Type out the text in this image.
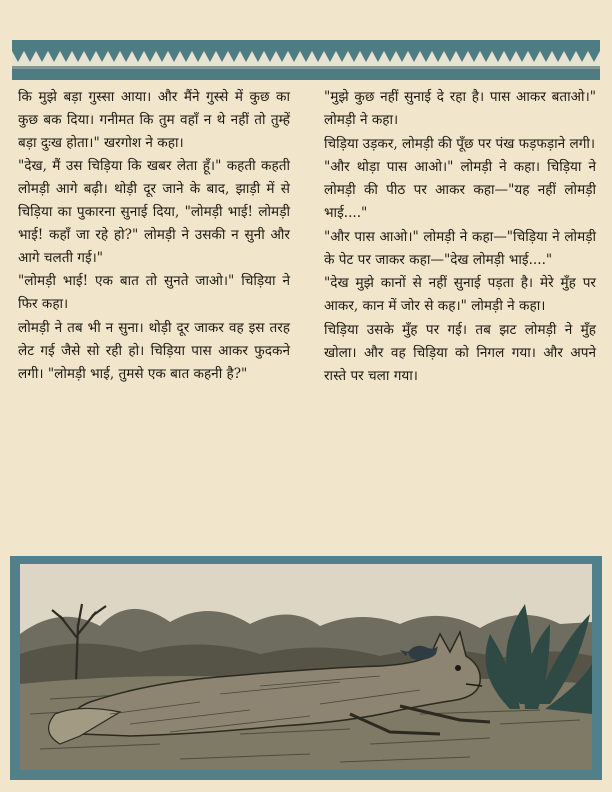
कि मुझे बड़ा गुस्सा आया। और मैंने गुस्से में कुछ का कुछ बक दिया। गनीमत कि तुम वहाँ न थे नहीं तो तुम्हें बड़ा दुःख होता।" खरगोश ने कहा।

"देख, मैं उस चिड़िया कि खबर लेता हूँ।" कहती कहती लोमड़ी आगे बढ़ी। थोड़ी दूर जाने के बाद, झाड़ी में से चिड़िया का पुकारना सुनाई दिया, "लोमड़ी भाई! लोमड़ी भाई! कहाँ जा रहे हो?" लोमड़ी ने उसकी न सुनी और आगे चलती गई।"

"लोमड़ी भाई! एक बात तो सुनते जाओ।" चिड़िया ने फिर कहा।

लोमड़ी ने तब भी न सुना। थोड़ी दूर जाकर वह इस तरह लेट गई जैसे सो रही हो। चिड़िया पास आकर फुदकने लगी। "लोमड़ी भाई, तुमसे एक बात कहनी है?"

"मुझे कुछ नहीं सुनाई दे रहा है। पास आकर बताओ।" लोमड़ी ने कहा।

चिड़िया उड़कर, लोमड़ी की पूँछ पर पंख फड़फड़ाने लगी।

"और थोड़ा पास आओ।" लोमड़ी ने कहा। चिड़िया ने लोमड़ी की पीठ पर आकर कहा—"यह नहीं लोमड़ी भाई...."

"और पास आओ।" लोमड़ी ने कहा—"चिड़िया ने लोमड़ी के पेट पर जाकर कहा—"देख लोमड़ी भाई...."

"देख मुझे कानों से नहीं सुनाई पड़ता है। मेरे मुँह पर आकर, कान में जोर से कह।" लोमड़ी ने कहा।

चिड़िया उसके मुँह पर गई। तब झट लोमड़ी ने मुँह खोला। और वह चिड़िया को निगल गया। और अपने रास्ते पर चला गया।
